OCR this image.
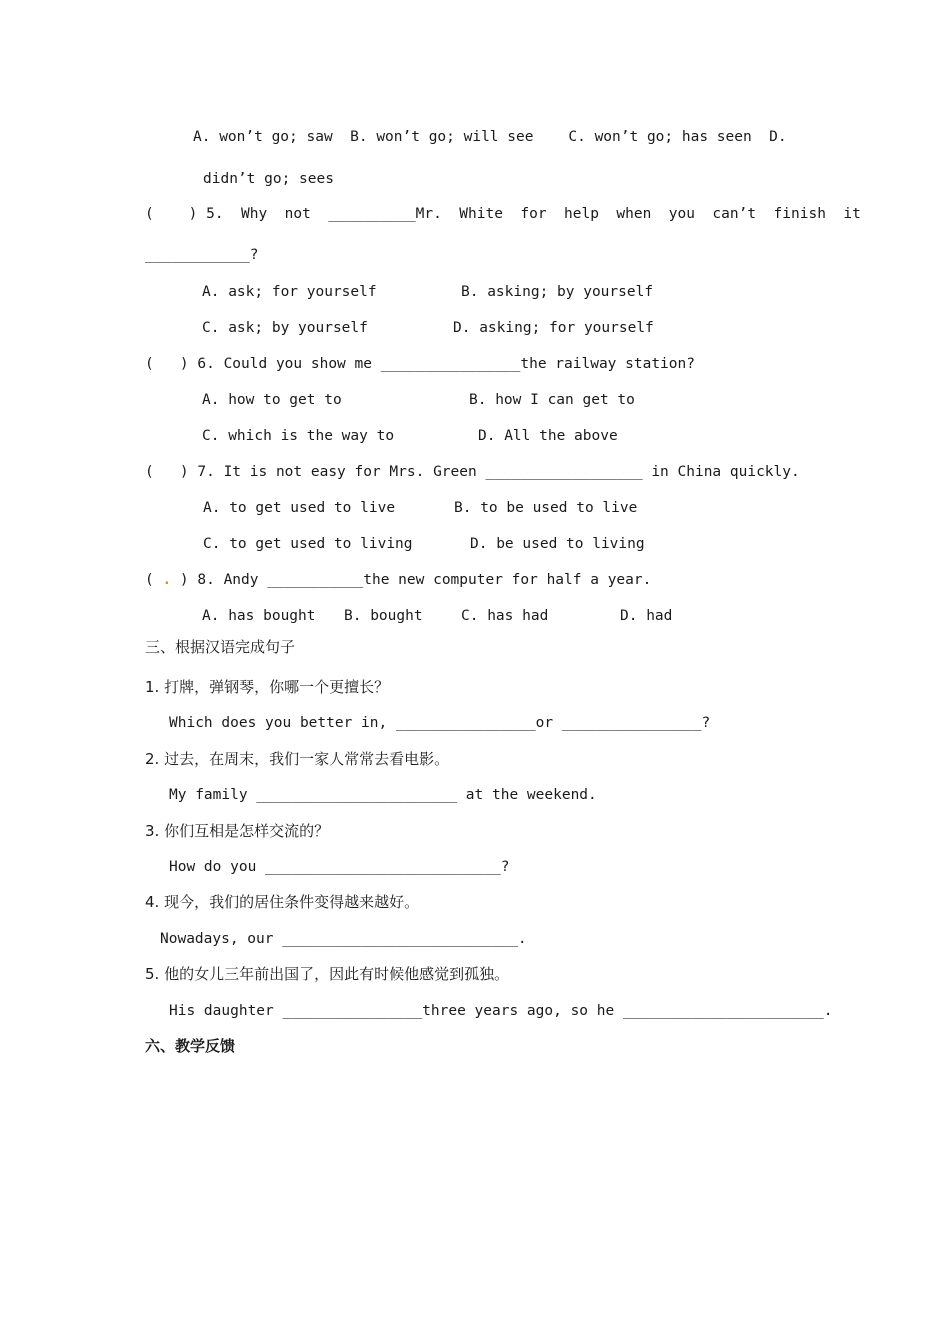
A. won’t go; saw  B. won’t go; will see    C. won’t go; has seen  D.
didn’t go; sees
(    ) 5.  Why  not  __________Mr.  White  for  help  when  you  can’t  finish  it
____________?
A. ask; for yourself	B. asking; by yourself
C. ask; by yourself	D. asking; for yourself
(   ) 6. Could you show me ________________the railway station?
A. how to get to	B. how I can get to
C. which is the way to	D. All the above
(   ) 7. It is not easy for Mrs. Green __________________ in China quickly.
A. to get used to live	B. to be used to live
C. to get used to living	D. be used to living
( . ) 8. Andy ___________the new computer for half a year.
A. has bought B. bought	C. has had	D. had
三、根据汉语完成句子
1. 打牌，弹钢琴，你哪一个更擅长？
Which does you better in, ________________or ________________?
2. 过去，在周末，我们一家人常常去看电影。
My family _______________________ at the weekend.
3. 你们互相是怎样交流的？
How do you ___________________________?
4. 现今，我们的居住条件变得越来越好。
Nowadays, our ___________________________.
5. 他的女儿三年前出国了，因此有时候他感觉到孤独。
His daughter ________________three years ago, so he _______________________.
六、教学反馈
